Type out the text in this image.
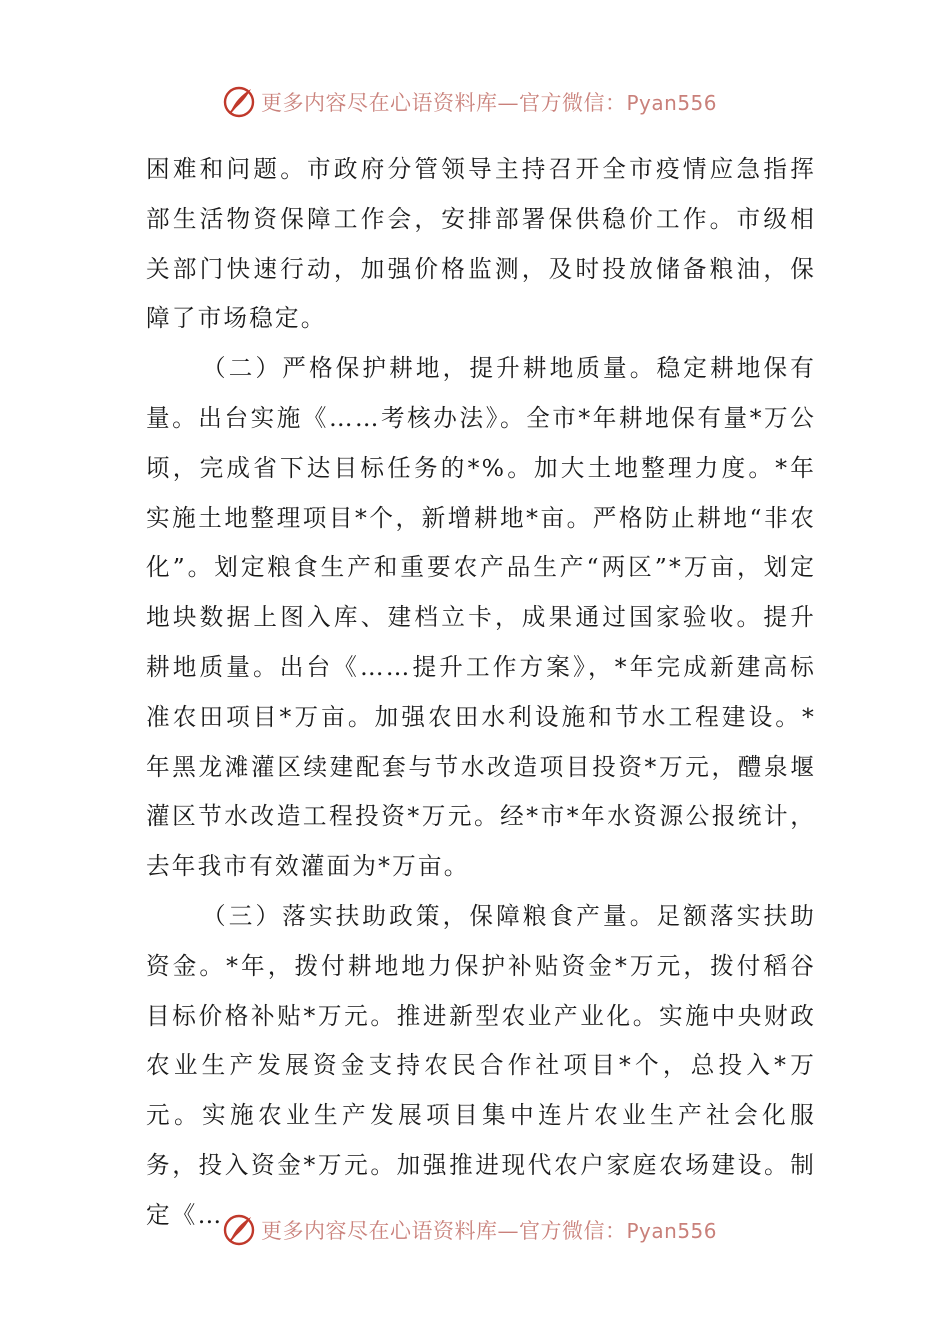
更多内容尽在心语资料库—官方微信：Pyan556

困难和问题。市政府分管领导主持召开全市疫情应急指挥部生活物资保障工作会，安排部署保供稳价工作。市级相关部门快速行动，加强价格监测，及时投放储备粮油，保障了市场稳定。

（二）严格保护耕地，提升耕地质量。稳定耕地保有量。出台实施《……考核办法》。全市*年耕地保有量*万公顷，完成省下达目标任务的*%。加大土地整理力度。*年实施土地整理项目*个，新增耕地*亩。严格防止耕地“非农化”。划定粮食生产和重要农产品生产“两区”*万亩，划定地块数据上图入库、建档立卡，成果通过国家验收。提升耕地质量。出台《……提升工作方案》，*年完成新建高标准农田项目*万亩。加强农田水利设施和节水工程建设。*年黑龙滩灌区续建配套与节水改造项目投资*万元，醴泉堰灌区节水改造工程投资*万元。经*市*年水资源公报统计，去年我市有效灌面为*万亩。

（三）落实扶助政策，保障粮食产量。足额落实扶助资金。*年，拨付耕地地力保护补贴资金*万元，拨付稻谷目标价格补贴*万元。推进新型农业产业化。实施中央财政农业生产发展资金支持农民合作社项目*个，总投入*万元。实施农业生产发展项目集中连片农业生产社会化服务，投入资金*万元。加强推进现代农户家庭农场建设。制定《…

更多内容尽在心语资料库—官方微信：Pyan556
